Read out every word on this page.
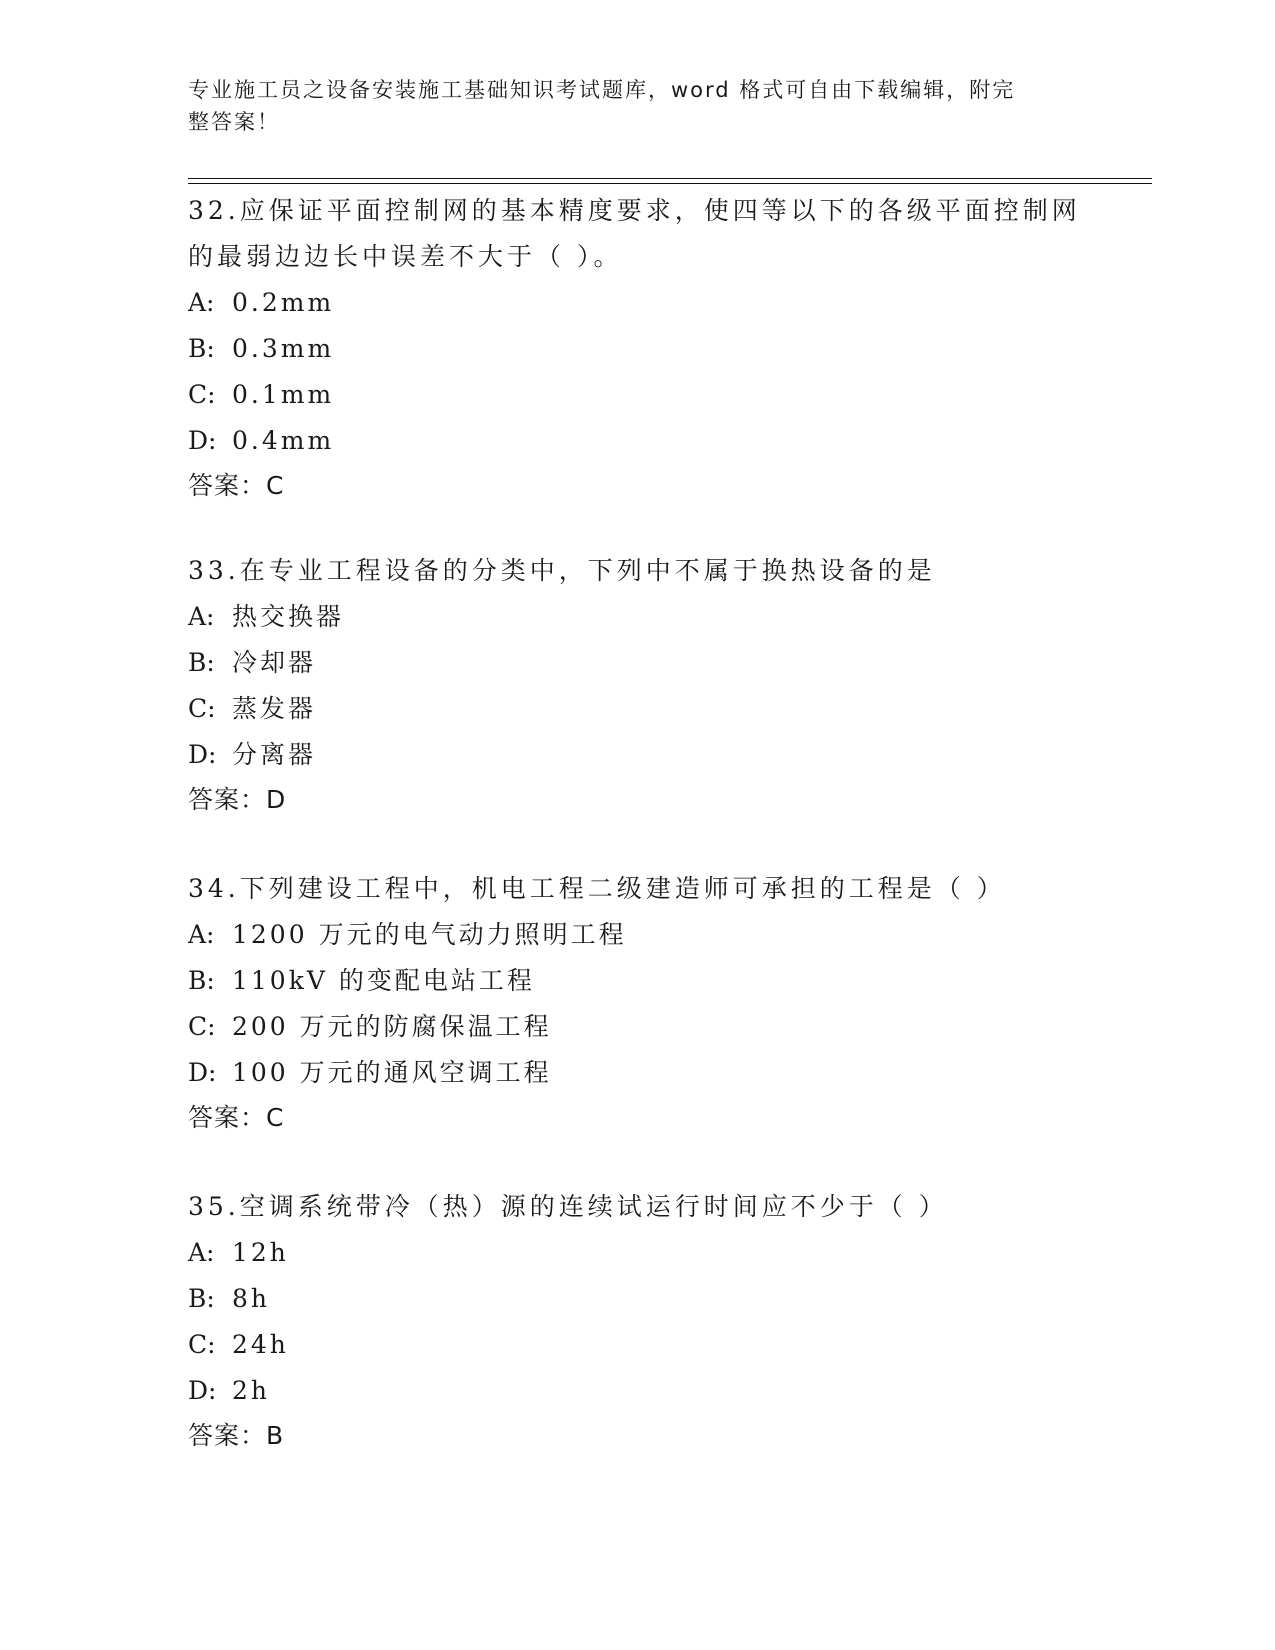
专业施工员之设备安装施工基础知识考试题库，word 格式可自由下载编辑，附完
整答案！

32.应保证平面控制网的基本精度要求，使四等以下的各级平面控制网

的最弱边边长中误差不大于（ ）。

A: 0.2mm

B: 0.3mm

C: 0.1mm

D: 0.4mm

答案：C

33.在专业工程设备的分类中，下列中不属于换热设备的是

A: 热交换器

B: 冷却器

C: 蒸发器

D: 分离器

答案：D

34.下列建设工程中，机电工程二级建造师可承担的工程是（ ）

A: 1200 万元的电气动力照明工程

B: 110kV 的变配电站工程

C: 200 万元的防腐保温工程

D: 100 万元的通风空调工程

答案：C

35.空调系统带冷（热）源的连续试运行时间应不少于（ ）

A: 12h

B: 8h

C: 24h

D: 2h

答案：B
